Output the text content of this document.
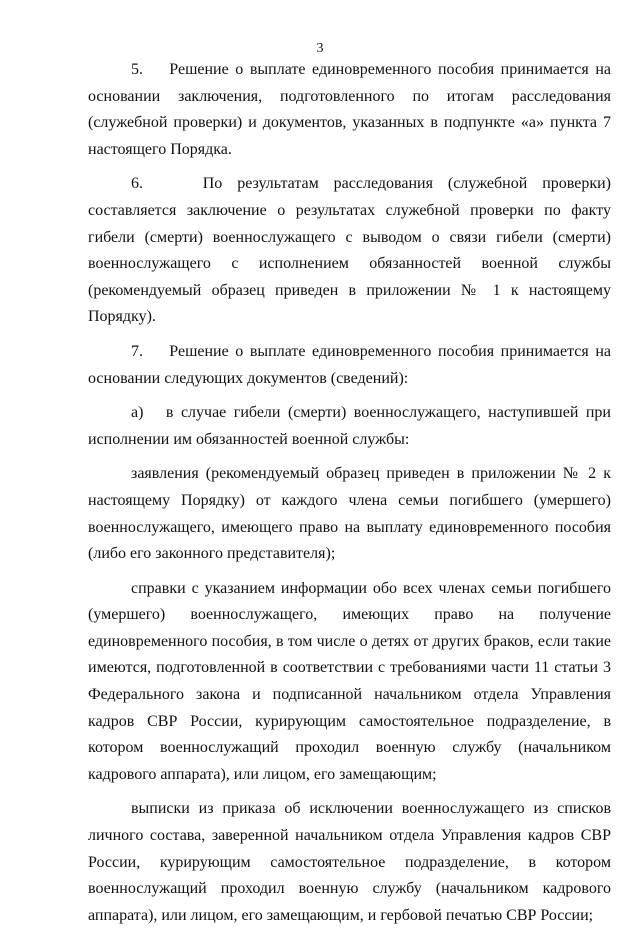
3

5.    Решение о выплате единовременного пособия принимается на основании заключения, подготовленного по итогам расследования (служебной проверки) и документов, указанных в подпункте «а» пункта 7 настоящего Порядка.

6.    По результатам расследования (служебной проверки) составляется заключение о результатах служебной проверки по факту гибели (смерти) военнослужащего с выводом о связи гибели (смерти) военнослужащего с исполнением обязанностей военной службы (рекомендуемый образец приведен в приложении № 1 к настоящему Порядку).

7.    Решение о выплате единовременного пособия принимается на основании следующих документов (сведений):

а)   в случае гибели (смерти) военнослужащего, наступившей при исполнении им обязанностей военной службы:

заявления (рекомендуемый образец приведен в приложении № 2 к настоящему Порядку) от каждого члена семьи погибшего (умершего) военнослужащего, имеющего право на выплату единовременного пособия (либо его законного представителя);

справки с указанием информации обо всех членах семьи погибшего (умершего) военнослужащего, имеющих право на получение единовременного пособия, в том числе о детях от других браков, если такие имеются, подготовленной в соответствии с требованиями части 11 статьи 3 Федерального закона и подписанной начальником отдела Управления кадров СВР России, курирующим самостоятельное подразделение, в котором военнослужащий проходил военную службу (начальником кадрового аппарата), или лицом, его замещающим;

выписки из приказа об исключении военнослужащего из списков личного состава, заверенной начальником отдела Управления кадров СВР России, курирующим самостоятельное подразделение, в котором военнослужащий проходил военную службу (начальником кадрового аппарата), или лицом, его замещающим, и гербовой печатью СВР России;
